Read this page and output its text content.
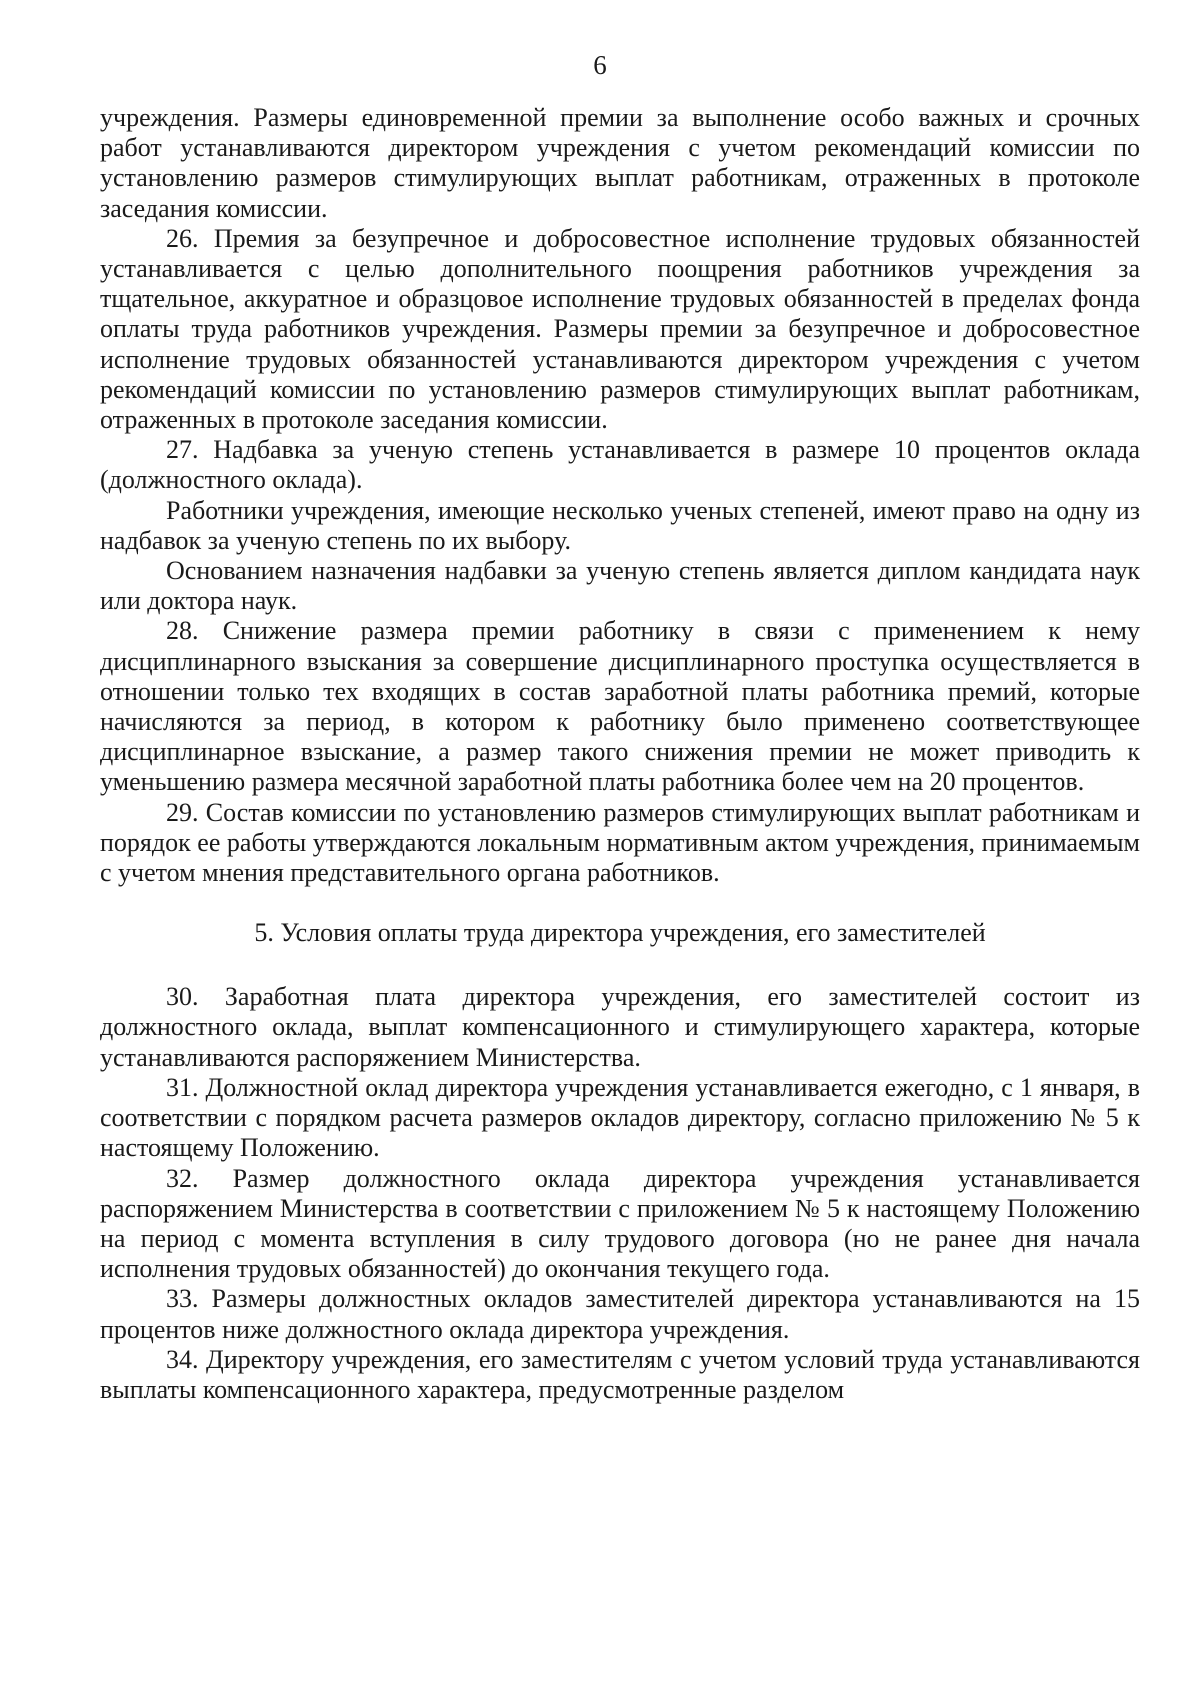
6

учреждения. Размеры единовременной премии за выполнение особо важных и срочных работ устанавливаются директором учреждения с учетом рекомендаций комиссии по установлению размеров стимулирующих выплат работникам, отраженных в протоколе заседания комиссии.

26. Премия за безупречное и добросовестное исполнение трудовых обязанностей устанавливается с целью дополнительного поощрения работников учреждения за тщательное, аккуратное и образцовое исполнение трудовых обязанностей в пределах фонда оплаты труда работников учреждения. Размеры премии за безупречное и добросовестное исполнение трудовых обязанностей устанавливаются директором учреждения с учетом рекомендаций комиссии по установлению размеров стимулирующих выплат работникам, отраженных в протоколе заседания комиссии.

27. Надбавка за ученую степень устанавливается в размере 10 процентов оклада (должностного оклада).

Работники учреждения, имеющие несколько ученых степеней, имеют право на одну из надбавок за ученую степень по их выбору.

Основанием назначения надбавки за ученую степень является диплом кандидата наук или доктора наук.

28. Снижение размера премии работнику в связи с применением к нему дисциплинарного взыскания за совершение дисциплинарного проступка осуществляется в отношении только тех входящих в состав заработной платы работника премий, которые начисляются за период, в котором к работнику было применено соответствующее дисциплинарное взыскание, а размер такого снижения премии не может приводить к уменьшению размера месячной заработной платы работника более чем на 20 процентов.

29. Состав комиссии по установлению размеров стимулирующих выплат работникам и порядок ее работы утверждаются локальным нормативным актом учреждения, принимаемым с учетом мнения представительного органа работников.

5. Условия оплаты труда директора учреждения, его заместителей

30. Заработная плата директора учреждения, его заместителей состоит из должностного оклада, выплат компенсационного и стимулирующего характера, которые устанавливаются распоряжением Министерства.

31. Должностной оклад директора учреждения устанавливается ежегодно, с 1 января, в соответствии с порядком расчета размеров окладов директору, согласно приложению № 5 к настоящему Положению.

32. Размер должностного оклада директора учреждения устанавливается распоряжением Министерства в соответствии с приложением № 5 к настоящему Положению на период с момента вступления в силу трудового договора (но не ранее дня начала исполнения трудовых обязанностей) до окончания текущего года.

33. Размеры должностных окладов заместителей директора устанавливаются на 15 процентов ниже должностного оклада директора учреждения.

34. Директору учреждения, его заместителям с учетом условий труда устанавливаются выплаты компенсационного характера, предусмотренные разделом
